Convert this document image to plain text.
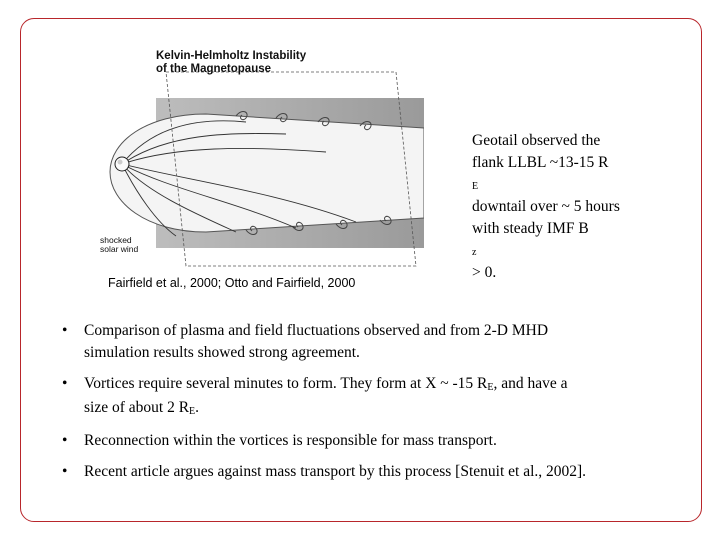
Kelvin-Helmholtz Instability
of the Magnetopause
shocked
solar wind
Geotail observed the
flank LLBL ~13-15 R
E
downtail over ~ 5 hours
with steady IMF B
z
> 0.
Fairfield et al., 2000; Otto and Fairfield, 2000
• Comparison of plasma and field fluctuations observed and from 2-D MHD
simulation results showed strong agreement.
• Vortices require several minutes to form. They form at X ~ -15 RE, and have a
size of about 2 RE.
• Reconnection within the vortices is responsible for mass transport.
• Recent article argues against mass transport by this process [Stenuit et al., 2002].
